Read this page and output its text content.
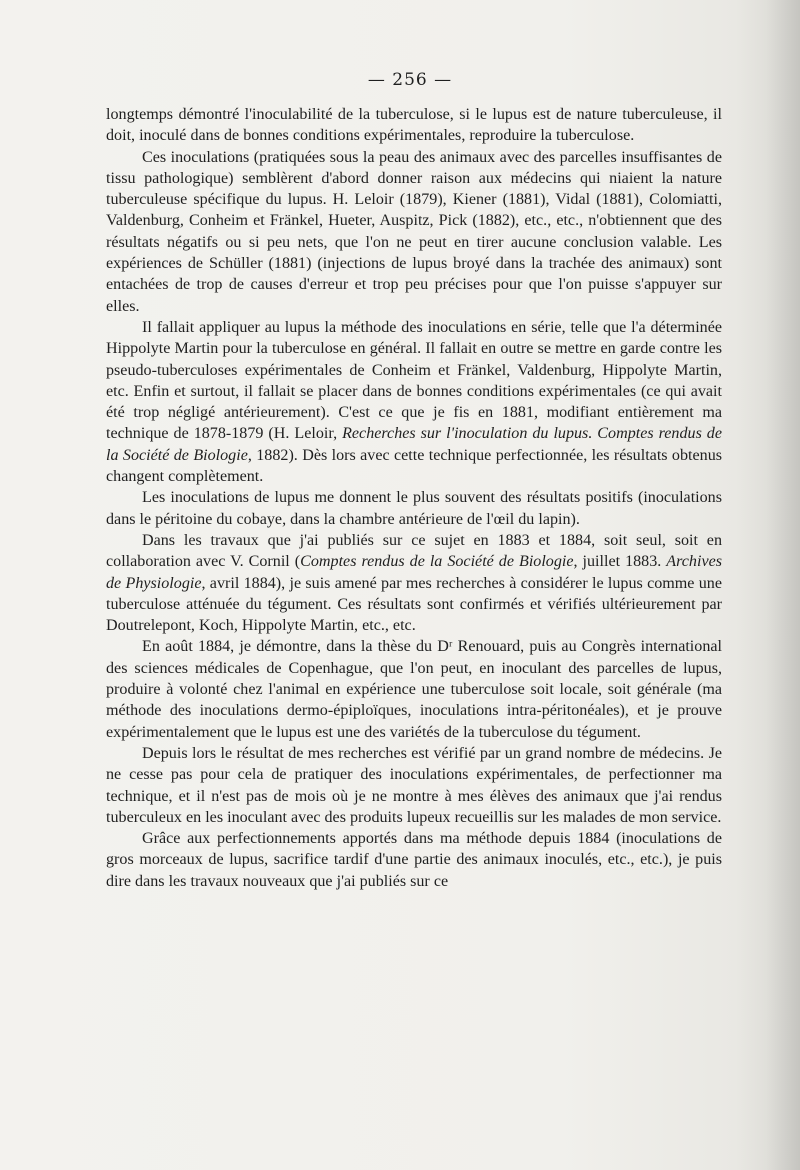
— 256 —

longtemps démontré l'inoculabilité de la tuberculose, si le lupus est de nature tuberculeuse, il doit, inoculé dans de bonnes conditions expérimentales, reproduire la tuberculose.

Ces inoculations (pratiquées sous la peau des animaux avec des parcelles insuffisantes de tissu pathologique) semblèrent d'abord donner raison aux médecins qui niaient la nature tuberculeuse spécifique du lupus. H. Leloir (1879), Kiener (1881), Vidal (1881), Colomiatti, Valdenburg, Conheim et Fränkel, Hueter, Auspitz, Pick (1882), etc., etc., n'obtiennent que des résultats négatifs ou si peu nets, que l'on ne peut en tirer aucune conclusion valable. Les expériences de Schüller (1881) (injections de lupus broyé dans la trachée des animaux) sont entachées de trop de causes d'erreur et trop peu précises pour que l'on puisse s'appuyer sur elles.

Il fallait appliquer au lupus la méthode des inoculations en série, telle que l'a déterminée Hippolyte Martin pour la tuberculose en général. Il fallait en outre se mettre en garde contre les pseudo-tuberculoses expérimentales de Conheim et Fränkel, Valdenburg, Hippolyte Martin, etc. Enfin et surtout, il fallait se placer dans de bonnes conditions expérimentales (ce qui avait été trop négligé antérieurement). C'est ce que je fis en 1881, modifiant entièrement ma technique de 1878-1879 (H. Leloir, Recherches sur l'inoculation du lupus. Comptes rendus de la Société de Biologie, 1882). Dès lors avec cette technique perfectionnée, les résultats obtenus changent complètement.

Les inoculations de lupus me donnent le plus souvent des résultats positifs (inoculations dans le péritoine du cobaye, dans la chambre antérieure de l'œil du lapin).

Dans les travaux que j'ai publiés sur ce sujet en 1883 et 1884, soit seul, soit en collaboration avec V. Cornil (Comptes rendus de la Société de Biologie, juillet 1883. Archives de Physiologie, avril 1884), je suis amené par mes recherches à considérer le lupus comme une tuberculose atténuée du tégument. Ces résultats sont confirmés et vérifiés ultérieurement par Doutrelepont, Koch, Hippolyte Martin, etc., etc.

En août 1884, je démontre, dans la thèse du Dʳ Renouard, puis au Congrès international des sciences médicales de Copenhague, que l'on peut, en inoculant des parcelles de lupus, produire à volonté chez l'animal en expérience une tuberculose soit locale, soit générale (ma méthode des inoculations dermo-épiploïques, inoculations intra-péritonéales), et je prouve expérimentalement que le lupus est une des variétés de la tuberculose du tégument.

Depuis lors le résultat de mes recherches est vérifié par un grand nombre de médecins. Je ne cesse pas pour cela de pratiquer des inoculations expérimentales, de perfectionner ma technique, et il n'est pas de mois où je ne montre à mes élèves des animaux que j'ai rendus tuberculeux en les inoculant avec des produits lupeux recueillis sur les malades de mon service.

Grâce aux perfectionnements apportés dans ma méthode depuis 1884 (inoculations de gros morceaux de lupus, sacrifice tardif d'une partie des animaux inoculés, etc., etc.), je puis dire dans les travaux nouveaux que j'ai publiés sur ce
